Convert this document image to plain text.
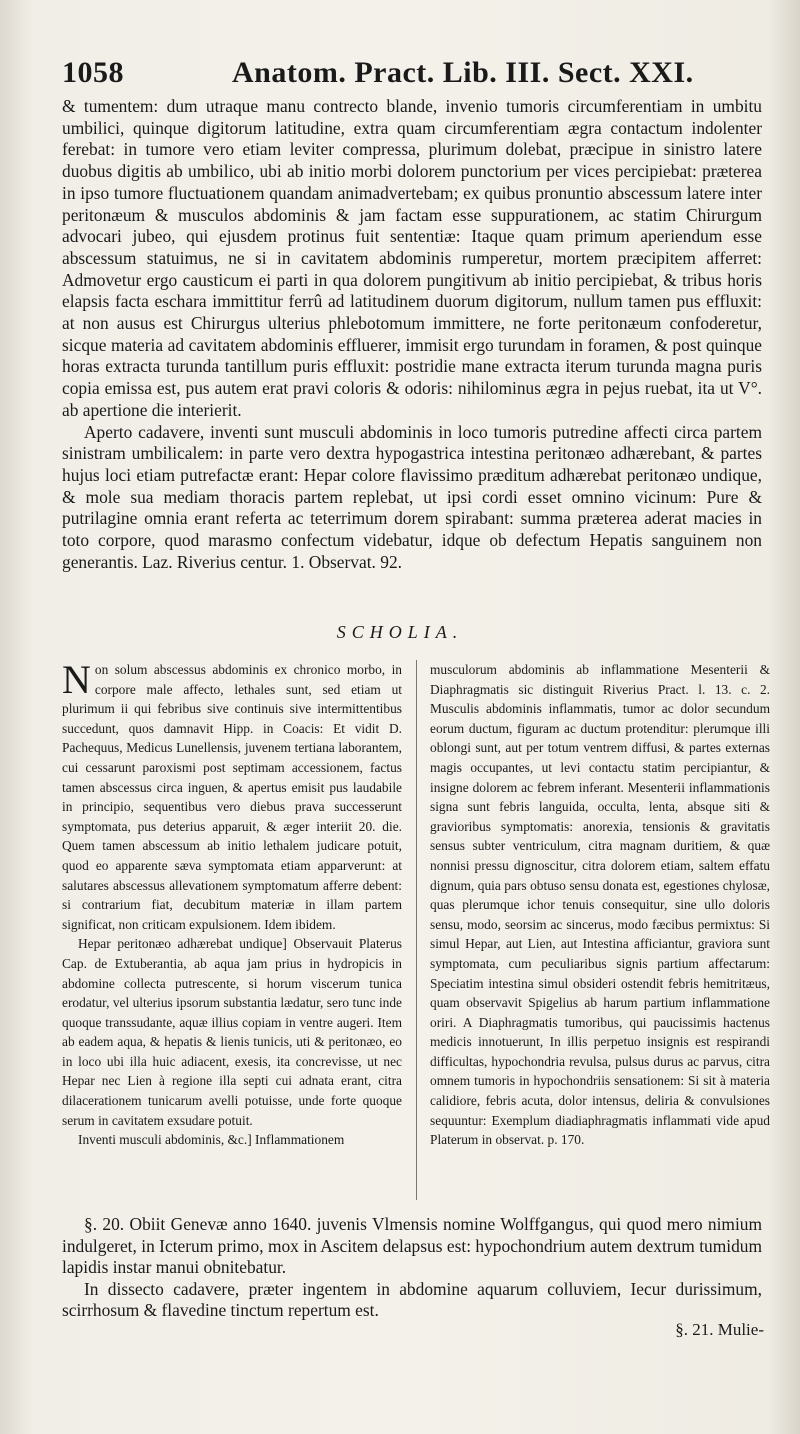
1058	Anatom. Pract. Lib. III. Sect. XXI.

& tumentem: dum utraque manu contrecto blande, invenio tumoris circumferentiam in umbitu umbilici, quinque digitorum latitudine, extra quam circumferentiam ægra contactum indolenter ferebat: in tumore vero etiam leviter compressa, plurimum dolebat, præcipue in sinistro latere duobus digitis ab umbilico, ubi ab initio morbi dolorem punctorium per vices percipiebat: præterea in ipso tumore fluctuationem quandam animadvertebam; ex quibus pronuntio abscessum latere inter peritonæum & musculos abdominis & jam factam esse suppurationem, ac statim Chirurgum advocari jubeo, qui ejusdem protinus fuit sententiæ: Itaque quam primum aperiendum esse abscessum statuimus, ne si in cavitatem abdominis rumperetur, mortem præcipitem afferret: Admovetur ergo causticum ei parti in qua dolorem pungitivum ab initio percipiebat, & tribus horis elapsis facta eschara immittitur ferrû ad latitudinem duorum digitorum, nullum tamen pus effluxit: at non ausus est Chirurgus ulterius phlebotomum immittere, ne forte peritonæum confoderetur, sicque materia ad cavitatem abdominis effluerer, immisit ergo turundam in foramen, & post quinque horas extracta turunda tantillum puris effluxit: postridie mane extracta iterum turunda magna puris copia emissa est, pus autem erat pravi coloris & odoris: nihilominus ægra in pejus ruebat, ita ut V°. ab apertione die interierit.

Aperto cadavere, inventi sunt musculi abdominis in loco tumoris putredine affecti circa partem sinistram umbilicalem: in parte vero dextra hypogastrica intestina peritonæo adhærebant, & partes hujus loci etiam putrefactæ erant: Hepar colore flavissimo præditum adhærebat peritonæo undique, & mole sua mediam thoracis partem replebat, ut ipsi cordi esset omnino vicinum: Pure & putrilagine omnia erant referta ac teterrimum dorem spirabant: summa præterea aderat macies in toto corpore, quod marasmo confectum videbatur, idque ob defectum Hepatis sanguinem non generantis. Laz. Riverius centur. 1. Observat. 92.

SCHOLIA.

Non solum abscessus abdominis ex chronico morbo, in corpore male affecto, lethales sunt, sed etiam ut plurimum ii qui febribus sive continuis sive intermittentibus succedunt, quos damnavit Hipp. in Coacis: Et vidit D. Pachequus, Medicus Lunellensis, juvenem tertiana laborantem, cui cessarunt paroxismi post septimam accessionem, factus tamen abscessus circa inguen, & apertus emisit pus laudabile in principio, sequentibus vero diebus prava successerunt symptomata, pus deterius apparuit, & æger interiit 20. die. Quem tamen abscessum ab initio lethalem judicare potuit, quod eo apparente sæva symptomata etiam apparverunt: at salutares abscessus allevationem symptomatum afferre debent: si contrarium fiat, decubitum materiæ in illam partem significat, non criticam expulsionem. Idem ibidem.

Hepar peritonæo adhærebat undique] Observauit Platerus Cap. de Extuberantia, ab aqua jam prius in hydropicis in abdomine collecta putrescente, si horum viscerum tunica erodatur, vel ulterius ipsorum substantia lædatur, sero tunc inde quoque transsudante, aquæ illius copiam in ventre augeri. Item ab eadem aqua, & hepatis & lienis tunicis, uti & peritonæo, eo in loco ubi illa huic adiacent, exesis, ita concrevisse, ut nec Hepar nec Lien à regione illa septi cui adnata erant, citra dilacerationem tunicarum avelli potuisse, unde forte quoque serum in cavitatem exsudare potuit.

Inventi musculi abdominis, &c.] Inflammationem

musculorum abdominis ab inflammatione Mesenterii & Diaphragmatis sic distinguit Riverius Pract. l. 13. c. 2. Musculis abdominis inflammatis, tumor ac dolor secundum eorum ductum, figuram ac ductum protenditur: plerumque illi oblongi sunt, aut per totum ventrem diffusi, & partes externas magis occupantes, ut levi contactu statim percipiantur, & insigne dolorem ac febrem inferant. Mesenterii inflammationis signa sunt febris languida, occulta, lenta, absque siti & gravioribus symptomatis: anorexia, tensionis & gravitatis sensus subter ventriculum, citra magnam duritiem, & quæ nonnisi pressu dignoscitur, citra dolorem etiam, saltem effatu dignum, quia pars obtuso sensu donata est, egestiones chylosæ, quas plerumque ichor tenuis consequitur, sine ullo doloris sensu, modo, seorsim ac sincerus, modo fæcibus permixtus: Si simul Hepar, aut Lien, aut Intestina afficiantur, graviora sunt symptomata, cum peculiaribus signis partium affectarum: Speciatim intestina simul obsideri ostendit febris hemitritæus, quam observavit Spigelius ab harum partium inflammatione oriri. A Diaphragmatis tumoribus, qui paucissimis hactenus medicis innotuerunt, In illis perpetuo insignis est respirandi difficultas, hypochondria revulsa, pulsus durus ac parvus, citra omnem tumoris in hypochondriis sensationem: Si sit à materia calidiore, febris acuta, dolor intensus, deliria & convulsiones sequuntur: Exemplum diadiaphragmatis inflammati vide apud Platerum in observat. p. 170.

§. 20. Obiit Genevæ anno 1640. juvenis Vlmensis nomine Wolffgangus, qui quod mero nimium indulgeret, in Icterum primo, mox in Ascitem delapsus est: hypochondrium autem dextrum tumidum lapidis instar manui obnitebatur.

In dissecto cadavere, præter ingentem in abdomine aquarum colluviem, Iecur durissimum, scirrhosum & flavedine tinctum repertum est.

§. 21. Mulie-
